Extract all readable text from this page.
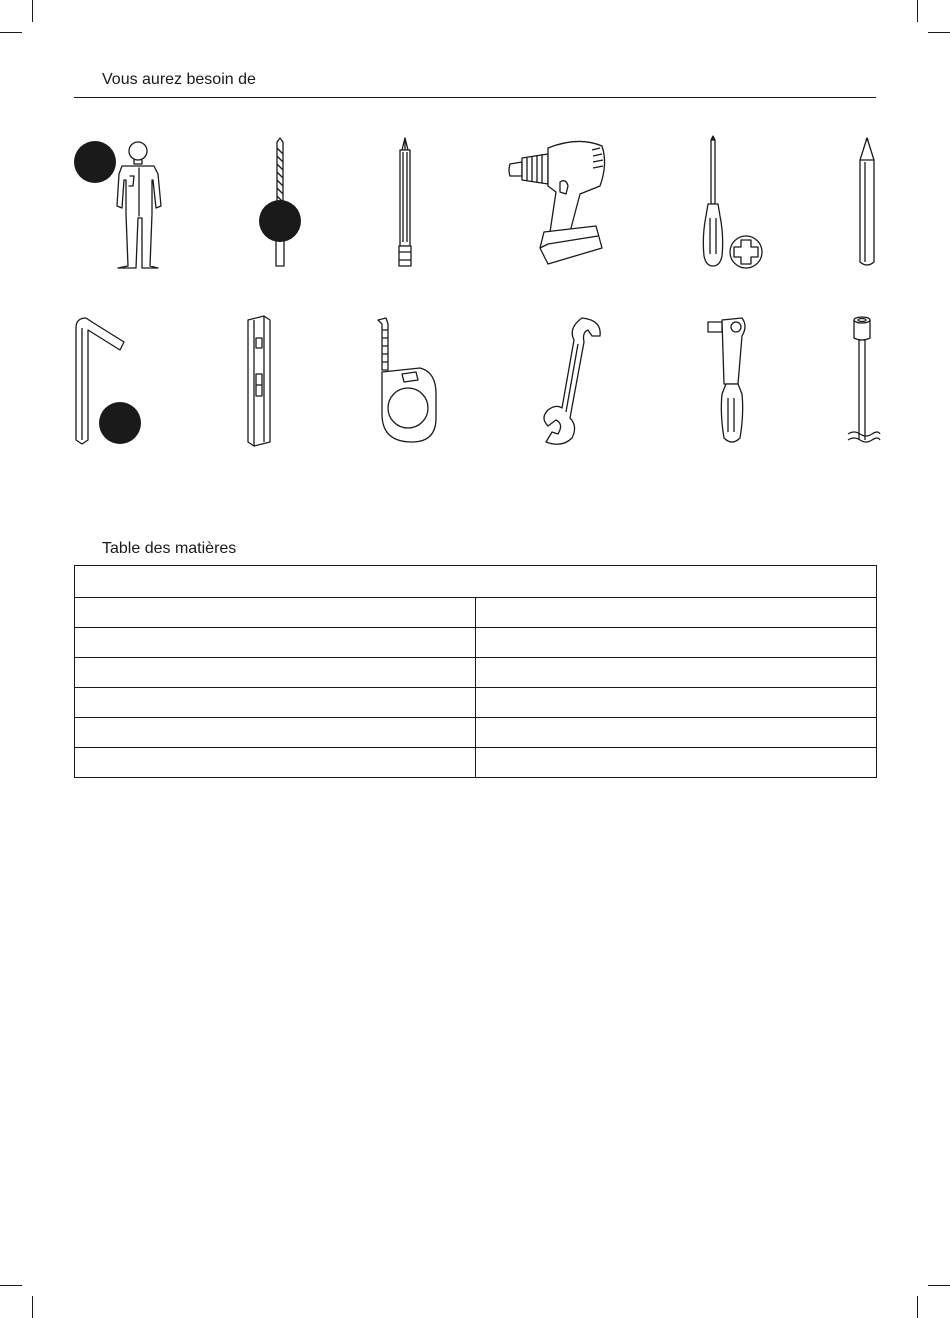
Vous aurez besoin de
Table des matières
